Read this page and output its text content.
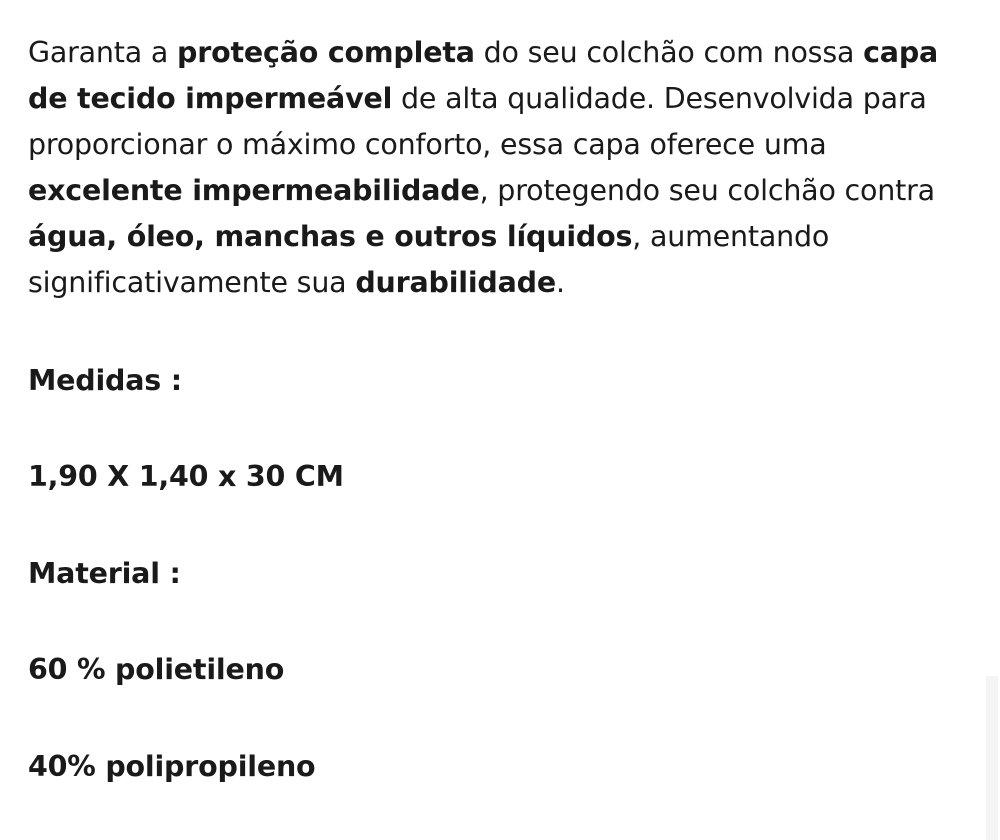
Garanta a proteção completa do seu colchão com nossa capa de tecido impermeável de alta qualidade. Desenvolvida para proporcionar o máximo conforto, essa capa oferece uma excelente impermeabilidade, protegendo seu colchão contra água, óleo, manchas e outros líquidos, aumentando significativamente sua durabilidade.

Medidas :

1,90 X 1,40 x 30 CM

Material :

60 % polietileno

40% polipropileno
